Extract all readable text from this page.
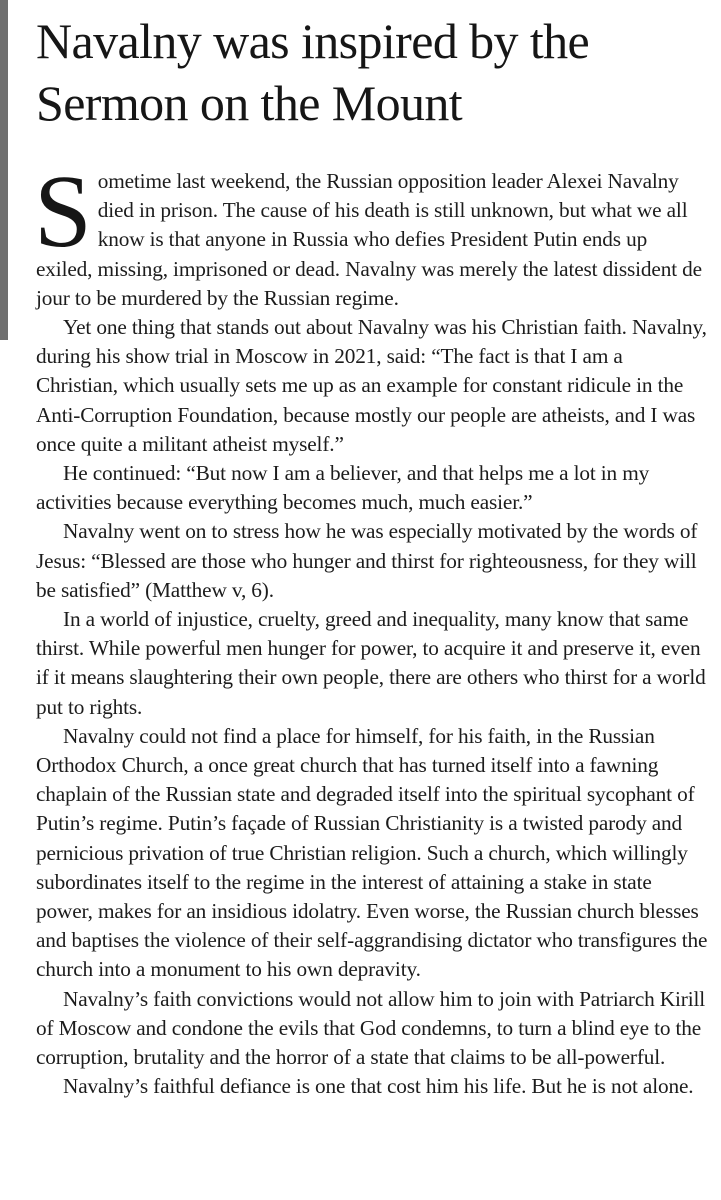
Navalny was inspired by the Sermon on the Mount

Sometime last weekend, the Russian opposition leader Alexei Navalny died in prison. The cause of his death is still unknown, but what we all know is that anyone in Russia who defies President Putin ends up exiled, missing, imprisoned or dead. Navalny was merely the latest dissident de jour to be murdered by the Russian regime.

Yet one thing that stands out about Navalny was his Christian faith. Navalny, during his show trial in Moscow in 2021, said: “The fact is that I am a Christian, which usually sets me up as an example for constant ridicule in the Anti-Corruption Foundation, because mostly our people are atheists, and I was once quite a militant atheist myself.”

He continued: “But now I am a believer, and that helps me a lot in my activities because everything becomes much, much easier.”

Navalny went on to stress how he was especially motivated by the words of Jesus: “Blessed are those who hunger and thirst for righteousness, for they will be satisfied” (Matthew v, 6).

In a world of injustice, cruelty, greed and inequality, many know that same thirst. While powerful men hunger for power, to acquire it and preserve it, even if it means slaughtering their own people, there are others who thirst for a world put to rights.

Navalny could not find a place for himself, for his faith, in the Russian Orthodox Church, a once great church that has turned itself into a fawning chaplain of the Russian state and degraded itself into the spiritual sycophant of Putin’s regime. Putin’s façade of Russian Christianity is a twisted parody and pernicious privation of true Christian religion. Such a church, which willingly subordinates itself to the regime in the interest of attaining a stake in state power, makes for an insidious idolatry. Even worse, the Russian church blesses and baptises the violence of their self-aggrandising dictator who transfigures the church into a monument to his own depravity.

Navalny’s faith convictions would not allow him to join with Patriarch Kirill of Moscow and condone the evils that God condemns, to turn a blind eye to the corruption, brutality and the horror of a state that claims to be all-powerful.

Navalny’s faithful defiance is one that cost him his life. But he is not alone.
